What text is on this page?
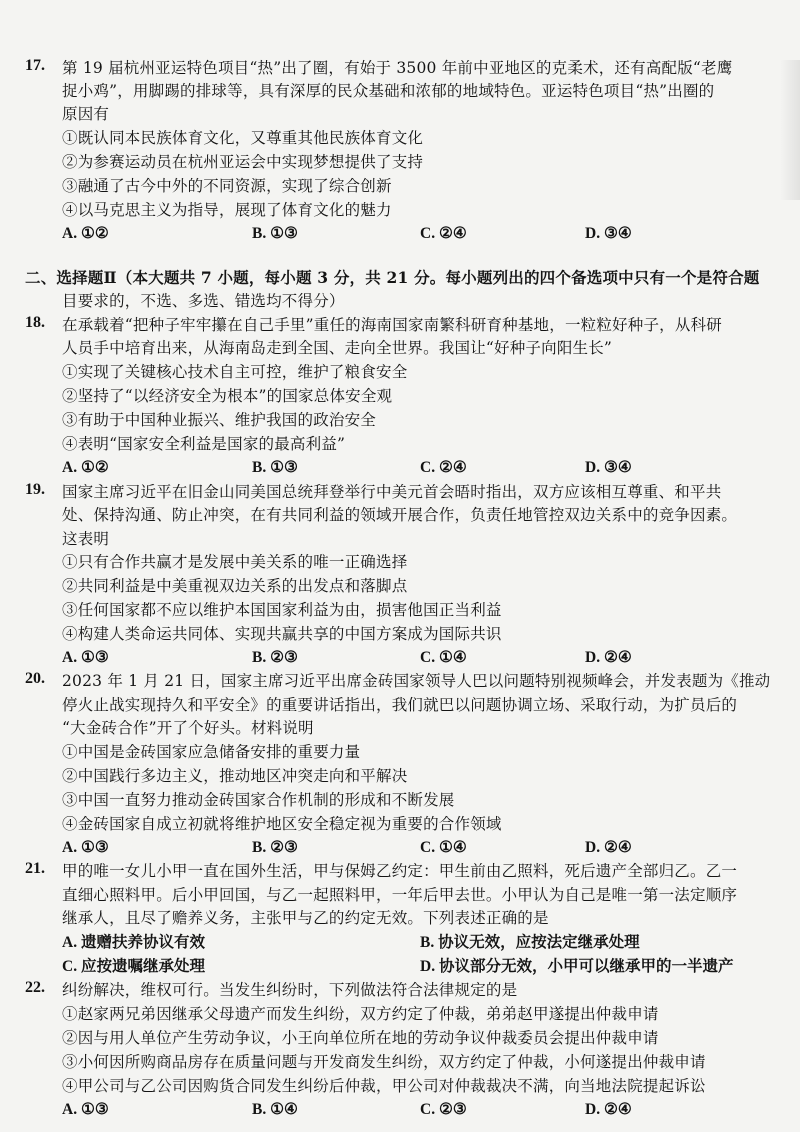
17. 第 19 届杭州亚运特色项目“热”出了圈，有始于 3500 年前中亚地区的克柔术，还有高配版“老鹰
捉小鸡”，用脚踢的排球等，具有深厚的民众基础和浓郁的地域特色。亚运特色项目“热”出圈的
原因有
①既认同本民族体育文化，又尊重其他民族体育文化
②为参赛运动员在杭州亚运会中实现梦想提供了支持
③融通了古今中外的不同资源，实现了综合创新
④以马克思主义为指导，展现了体育文化的魅力
A. ①②	B. ①③	C. ②④	D. ③④
二、选择题Ⅱ（本大题共 7 小题，每小题 3 分，共 21 分。每小题列出的四个备选项中只有一个是符合题
目要求的，不选、多选、错选均不得分）
18. 在承载着“把种子牢牢攥在自己手里”重任的海南国家南繁科研育种基地，一粒粒好种子，从科研
人员手中培育出来，从海南岛走到全国、走向全世界。我国让“好种子向阳生长”
①实现了关键核心技术自主可控，维护了粮食安全
②坚持了“以经济安全为根本”的国家总体安全观
③有助于中国种业振兴、维护我国的政治安全
④表明“国家安全利益是国家的最高利益”
A. ①②	B. ①③	C. ②④	D. ③④
19. 国家主席习近平在旧金山同美国总统拜登举行中美元首会晤时指出，双方应该相互尊重、和平共
处、保持沟通、防止冲突，在有共同利益的领域开展合作，负责任地管控双边关系中的竞争因素。
这表明
①只有合作共赢才是发展中美关系的唯一正确选择
②共同利益是中美重视双边关系的出发点和落脚点
③任何国家都不应以维护本国国家利益为由，损害他国正当利益
④构建人类命运共同体、实现共赢共享的中国方案成为国际共识
A. ①③	B. ②③	C. ①④	D. ②④
20. 2023 年 1 月 21 日，国家主席习近平出席金砖国家领导人巴以问题特别视频峰会，并发表题为《推动
停火止战实现持久和平安全》的重要讲话指出，我们就巴以问题协调立场、采取行动，为扩员后的
“大金砖合作”开了个好头。材料说明
①中国是金砖国家应急储备安排的重要力量
②中国践行多边主义，推动地区冲突走向和平解决
③中国一直努力推动金砖国家合作机制的形成和不断发展
④金砖国家自成立初就将维护地区安全稳定视为重要的合作领域
A. ①③	B. ②③	C. ①④	D. ②④
21. 甲的唯一女儿小甲一直在国外生活，甲与保姆乙约定：甲生前由乙照料，死后遗产全部归乙。乙一
直细心照料甲。后小甲回国，与乙一起照料甲，一年后甲去世。小甲认为自己是唯一第一法定顺序
继承人，且尽了赡养义务，主张甲与乙的约定无效。下列表述正确的是
A. 遗赠扶养协议有效	B. 协议无效，应按法定继承处理
C. 应按遗嘱继承处理	D. 协议部分无效，小甲可以继承甲的一半遗产
22. 纠纷解决，维权可行。当发生纠纷时，下列做法符合法律规定的是
①赵家两兄弟因继承父母遗产而发生纠纷，双方约定了仲裁，弟弟赵甲遂提出仲裁申请
②因与用人单位产生劳动争议，小王向单位所在地的劳动争议仲裁委员会提出仲裁申请
③小何因所购商品房存在质量问题与开发商发生纠纷，双方约定了仲裁，小何遂提出仲裁申请
④甲公司与乙公司因购货合同发生纠纷后仲裁，甲公司对仲裁裁决不满，向当地法院提起诉讼
A. ①③	B. ①④	C. ②③	D. ②④
